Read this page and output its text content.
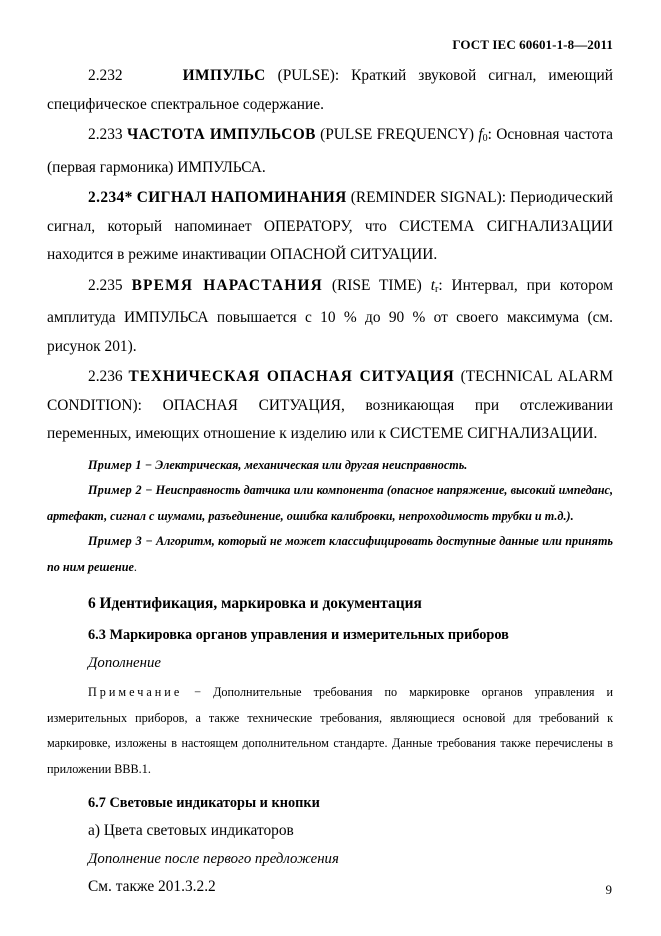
ГОСТ IEC 60601-1-8—2011

2.232	ИМПУЛЬС (PULSE): Краткий звуковой сигнал, имеющий специфическое спектральное содержание.

2.233 ЧАСТОТА ИМПУЛЬСОВ (PULSE FREQUENCY) $f_0$: Основная частота (первая гармоника) ИМПУЛЬСА.

2.234* СИГНАЛ НАПОМИНАНИЯ (REMINDER SIGNAL): Периодический сигнал, который напоминает ОПЕРАТОРУ, что СИСТЕМА СИГНАЛИЗАЦИИ находится в режиме инактивации ОПАСНОЙ СИТУАЦИИ.

2.235 ВРЕМЯ НАРАСТАНИЯ (RISE TIME) $t_r$: Интервал, при котором амплитуда ИМПУЛЬСА повышается с 10 % до 90 % от своего максимума (см. рисунок 201).

2.236 ТЕХНИЧЕСКАЯ ОПАСНАЯ СИТУАЦИЯ (TECHNICAL ALARM CONDITION): ОПАСНАЯ СИТУАЦИЯ, возникающая при отслеживании переменных, имеющих отношение к изделию или к СИСТЕМЕ СИГНАЛИЗАЦИИ.

Пример 1 − Электрическая, механическая или другая неисправность.

Пример 2 − Неисправность датчика или компонента (опасное напряжение, высокий импеданс, артефакт, сигнал с шумами, разъединение, ошибка калибровки, непроходимость трубки и т.д.).

Пример 3 − Алгоритм, который не может классифицировать доступные данные или принять по ним решение.

6 Идентификация, маркировка и документация

6.3 Маркировка органов управления и измерительных приборов

Дополнение

Примечание − Дополнительные требования по маркировке органов управления и измерительных приборов, а также технические требования, являющиеся основой для требований к маркировке, изложены в настоящем дополнительном стандарте. Данные требования также перечислены в приложении BBB.1.

6.7 Световые индикаторы и кнопки

а) Цвета световых индикаторов

Дополнение после первого предложения

См. также 201.3.2.2	9
